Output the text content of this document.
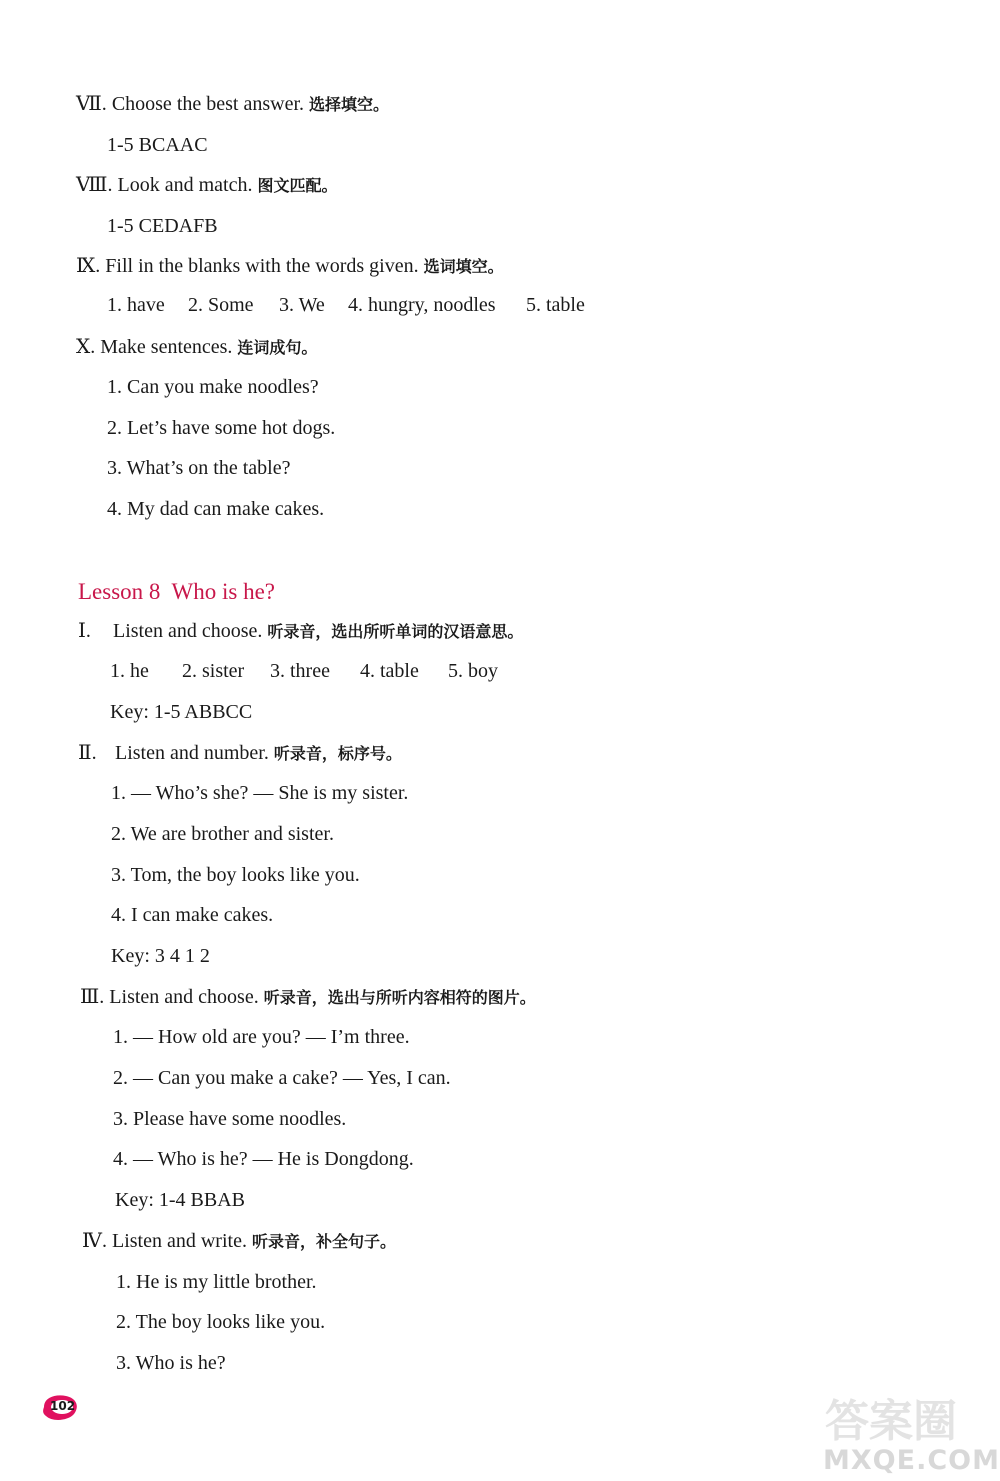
Ⅶ. Choose the best answer. 选择填空。
1-5 BCAAC
Ⅷ. Look and match. 图文匹配。
1-5 CEDAFB
Ⅸ. Fill in the blanks with the words given. 选词填空。
1. have 2. Some 3. We 4. hungry, noodles 5. table
Ⅹ. Make sentences. 连词成句。
1. Can you make noodles?
2. Let’s have some hot dogs.
3. What’s on the table?
4. My dad can make cakes.
Lesson 8 Who is he?
Ⅰ. Listen and choose. 听录音，选出所听单词的汉语意思。
1. he 2. sister 3. three 4. table 5. boy
Key: 1-5 ABBCC
Ⅱ. Listen and number. 听录音，标序号。
1. — Who’s she? — She is my sister.
2. We are brother and sister.
3. Tom, the boy looks like you.
4. I can make cakes.
Key: 3 4 1 2
Ⅲ. Listen and choose. 听录音，选出与所听内容相符的图片。
1. — How old are you? — I’m three.
2. — Can you make a cake? — Yes, I can.
3. Please have some noodles.
4. — Who is he? — He is Dongdong.
Key: 1-4 BBAB
Ⅳ. Listen and write. 听录音，补全句子。
1. He is my little brother.
2. The boy looks like you.
3. Who is he?
102	答案圈
MXQE.COM
